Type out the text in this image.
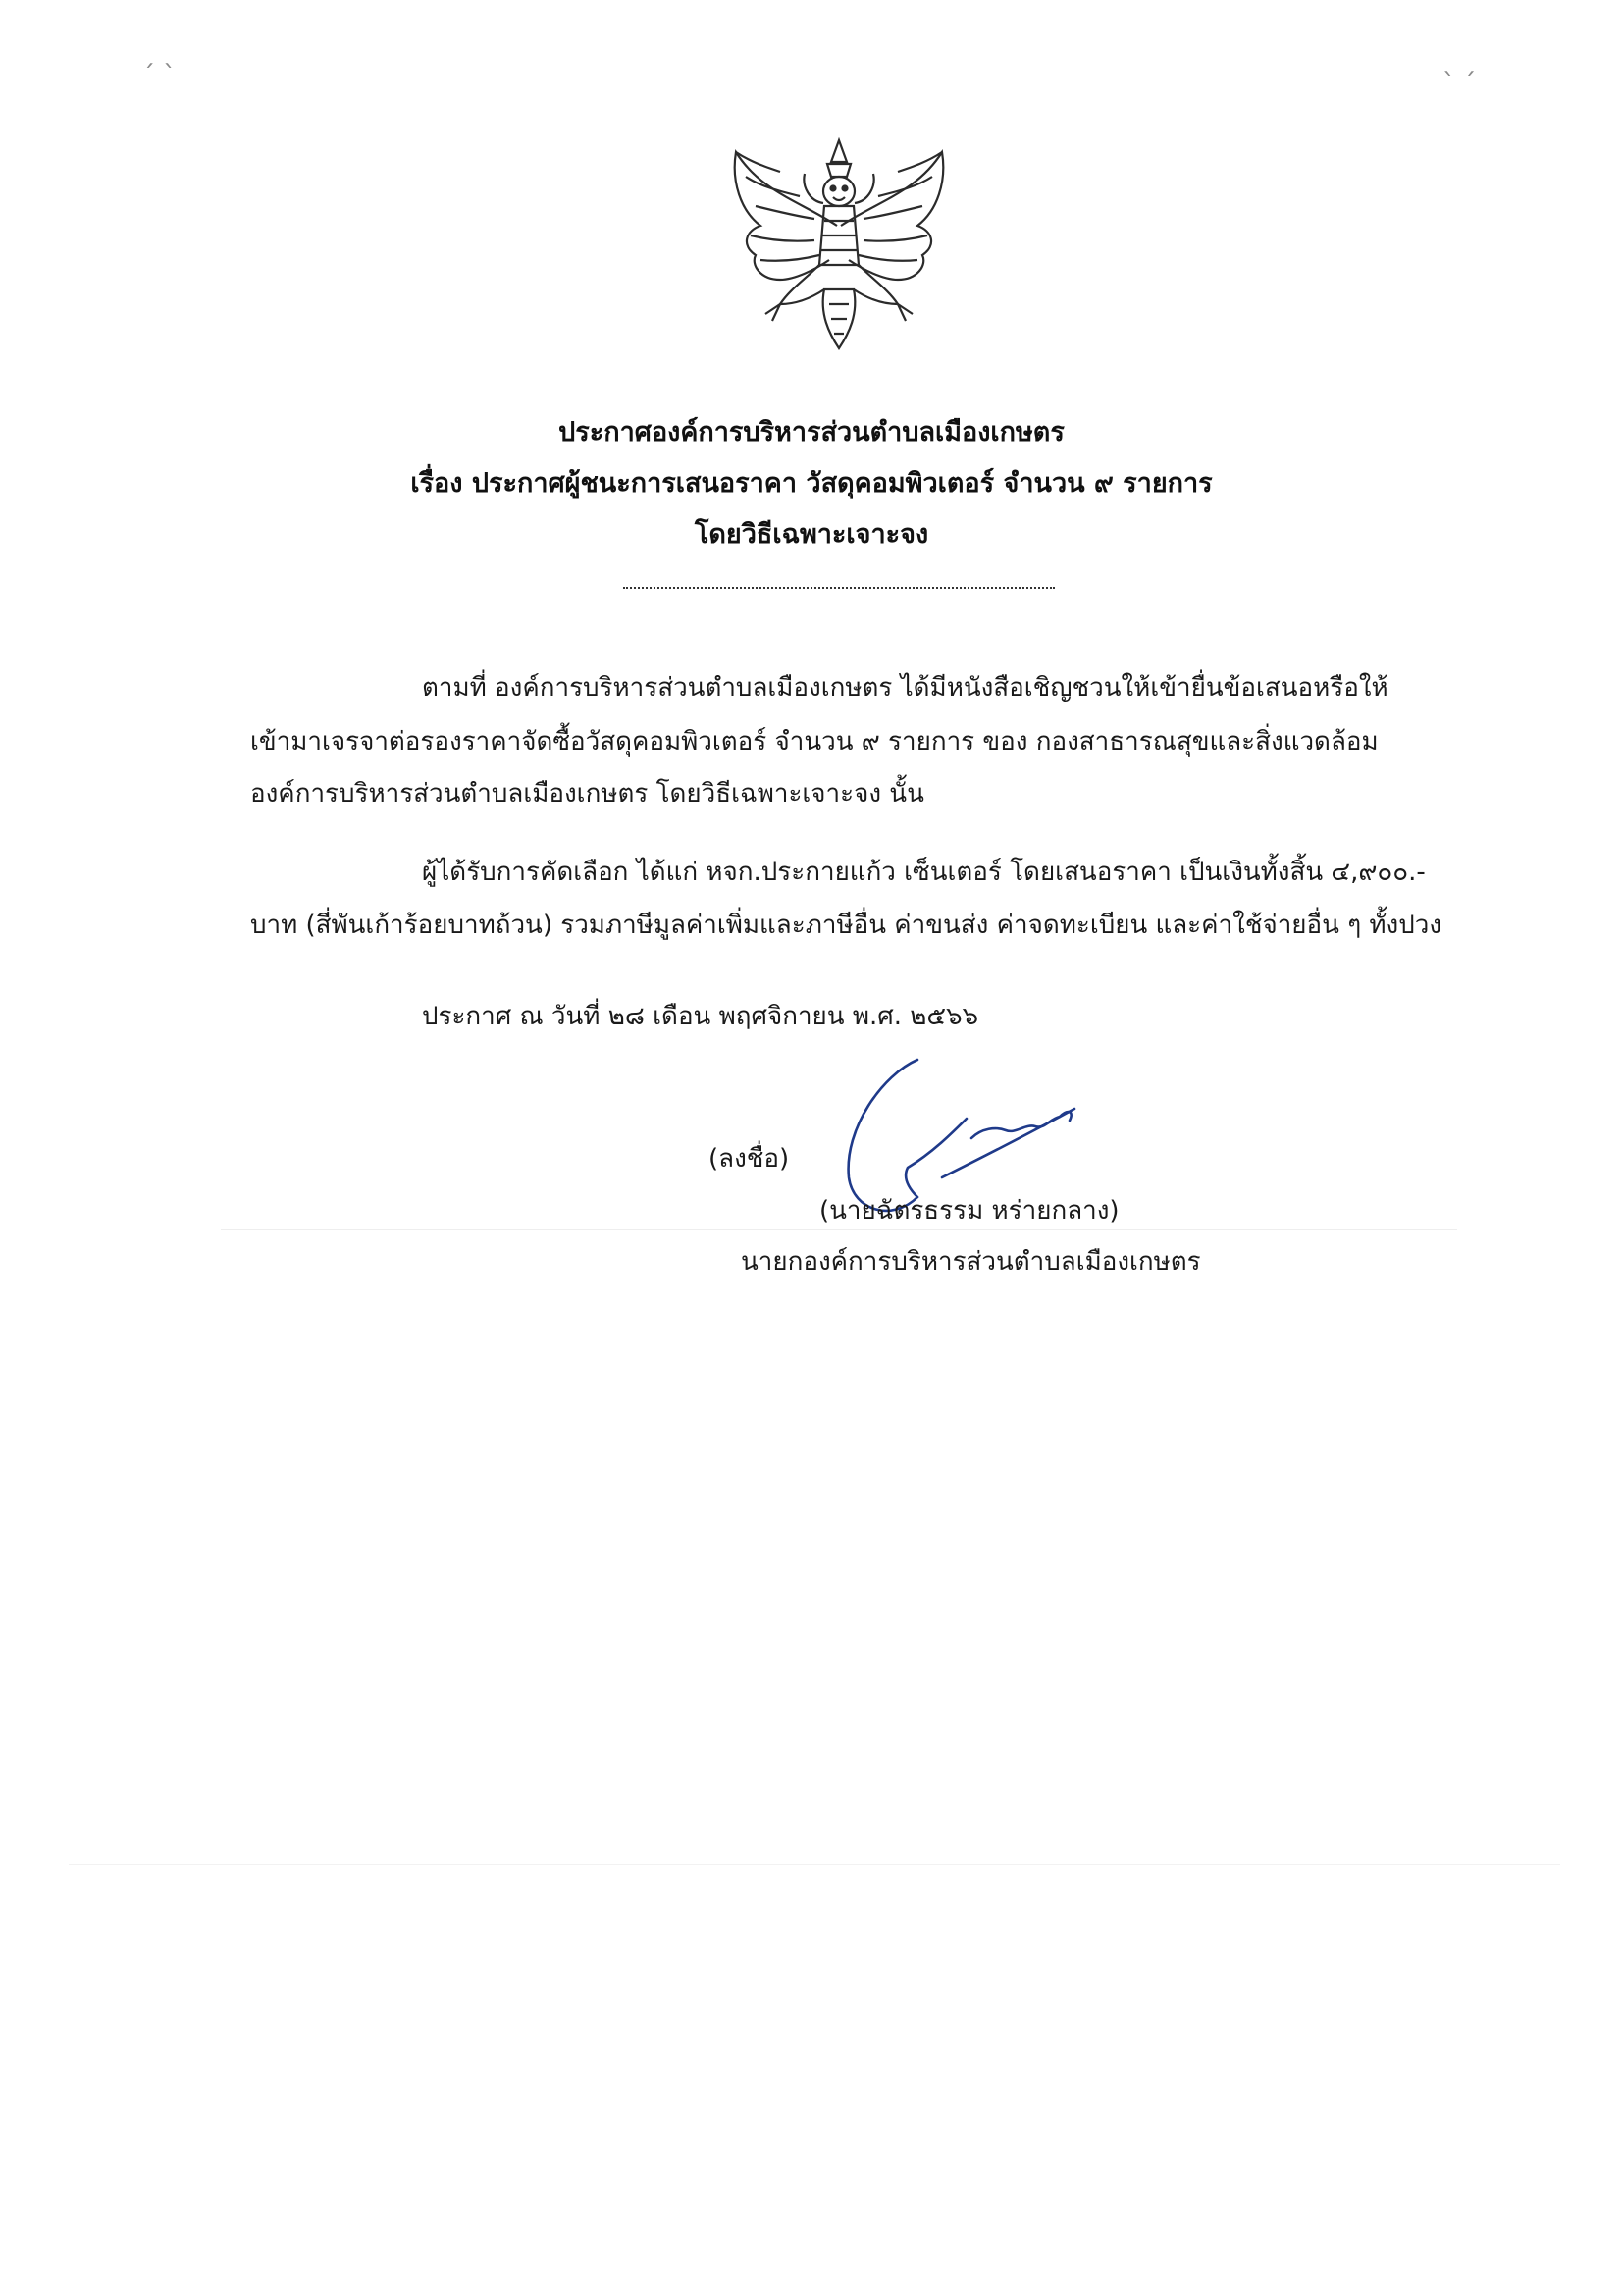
ˏ ˎ	ˎ ˏ
ประกาศองค์การบริหารส่วนตำบลเมืองเกษตร
เรื่อง ประกาศผู้ชนะการเสนอราคา วัสดุคอมพิวเตอร์ จำนวน ๙ รายการ
โดยวิธีเฉพาะเจาะจง
ตามที่ องค์การบริหารส่วนตำบลเมืองเกษตร ได้มีหนังสือเชิญชวนให้เข้ายื่นข้อเสนอหรือให้
เข้ามาเจรจาต่อรองราคาจัดซื้อวัสดุคอมพิวเตอร์ จำนวน ๙ รายการ ของ กองสาธารณสุขและสิ่งแวดล้อม
องค์การบริหารส่วนตำบลเมืองเกษตร โดยวิธีเฉพาะเจาะจง นั้น
ผู้ได้รับการคัดเลือก ได้แก่ หจก.ประกายแก้ว เซ็นเตอร์ โดยเสนอราคา เป็นเงินทั้งสิ้น ๔,๙๐๐.-
บาท (สี่พันเก้าร้อยบาทถ้วน) รวมภาษีมูลค่าเพิ่มและภาษีอื่น ค่าขนส่ง ค่าจดทะเบียน และค่าใช้จ่ายอื่น ๆ ทั้งปวง
ประกาศ ณ วันที่ ๒๘ เดือน พฤศจิกายน พ.ศ. ๒๕๖๖
(ลงชื่อ)
(นายฉัตรธรรม หร่ายกลาง)
นายกองค์การบริหารส่วนตำบลเมืองเกษตร
